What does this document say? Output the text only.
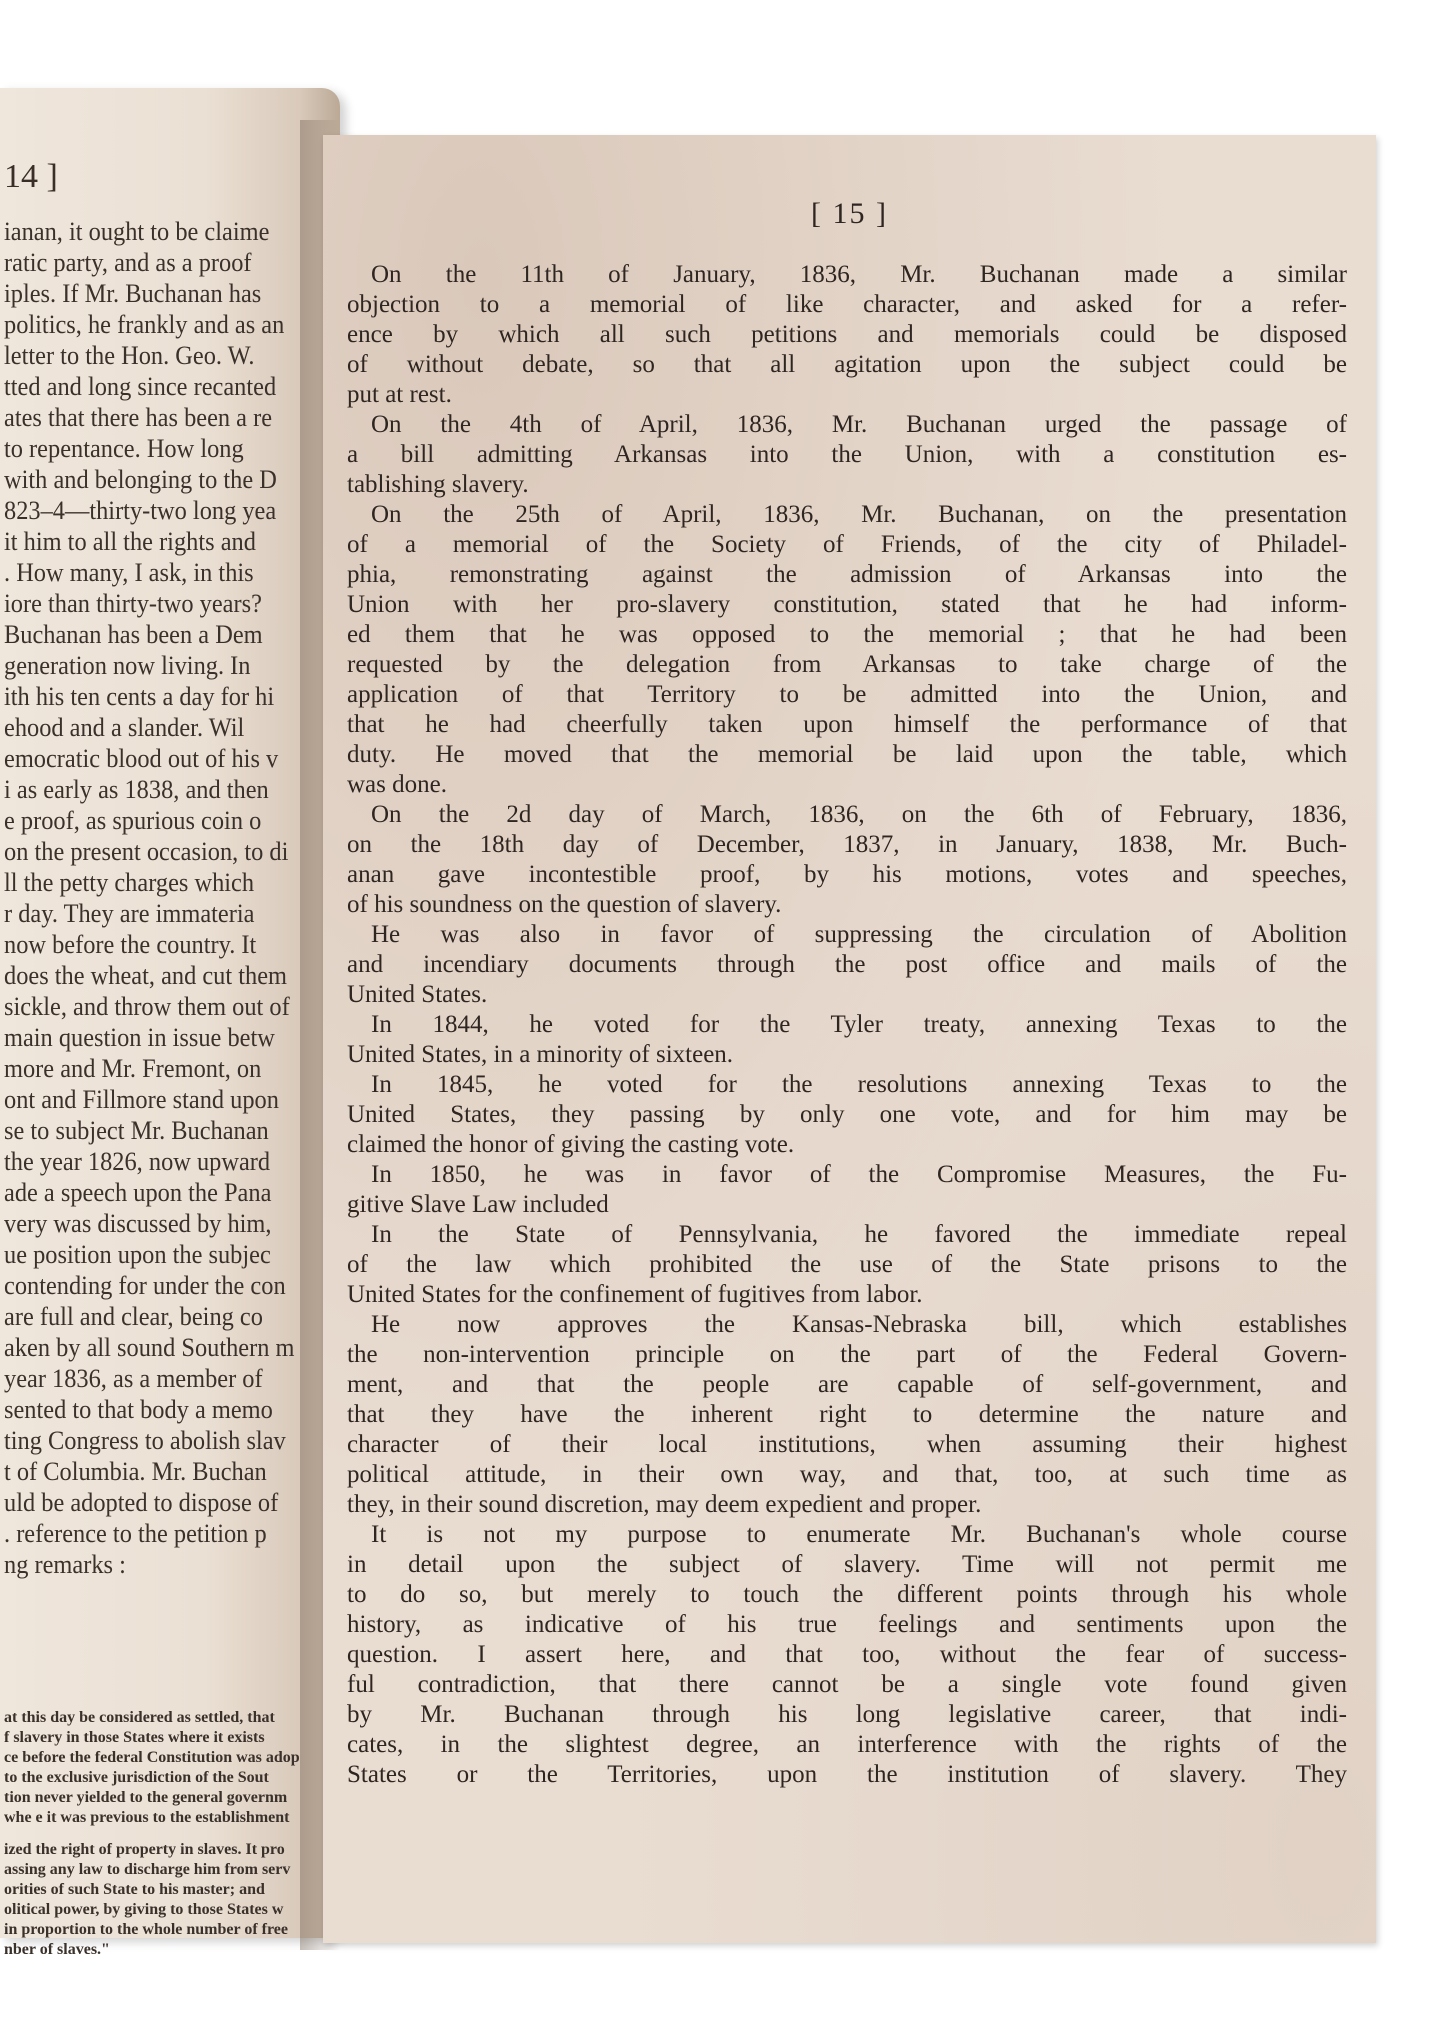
14 ]
ianan, it ought to be claime
ratic party, and as a proof
iples. If Mr. Buchanan has
politics, he frankly and as an
letter to the Hon. Geo. W.
tted and long since recanted
ates that there has been a re
to repentance. How long
with and belonging to the D
823–4—thirty-two long yea
it him to all the rights and
. How many, I ask, in this
iore than thirty-two years?
Buchanan has been a Dem
generation now living. In
ith his ten cents a day for hi
ehood and a slander. Wil
emocratic blood out of his v
i as early as 1838, and then
e proof, as spurious coin o
on the present occasion, to di
ll the petty charges which
r day. They are immateria
now before the country. It
does the wheat, and cut them
sickle, and throw them out of
main question in issue betw
more and Mr. Fremont, on
ont and Fillmore stand upon
se to subject Mr. Buchanan
the year 1826, now upward
ade a speech upon the Pana
very was discussed by him,
ue position upon the subjec
contending for under the con
are full and clear, being co
aken by all sound Southern m
year 1836, as a member of
sented to that body a memo
ting Congress to abolish slav
t of Columbia. Mr. Buchan
uld be adopted to dispose of
. reference to the petition p
ng remarks :
at this day be considered as settled, that
f slavery in those States where it exists
ce before the federal Constitution was adop
to the exclusive jurisdiction of the Sout
tion never yielded to the general governm
whe e it was previous to the establishment
ized the right of property in slaves. It pro
assing any law to discharge him from serv
orities of such State to his master; and
olitical power, by giving to those States w
in proportion to the whole number of free
nber of slaves."
[ 15 ]
On the 11th of January, 1836, Mr. Buchanan made a similar
objection to a memorial of like character, and asked for a refer-
ence by which all such petitions and memorials could be disposed
of without debate, so that all agitation upon the subject could be
put at rest.
On the 4th of April, 1836, Mr. Buchanan urged the passage of
a bill admitting Arkansas into the Union, with a constitution es-
tablishing slavery.
On the 25th of April, 1836, Mr. Buchanan, on the presentation
of a memorial of the Society of Friends, of the city of Philadel-
phia, remonstrating against the admission of Arkansas into the
Union with her pro-slavery constitution, stated that he had inform-
ed them that he was opposed to the memorial ; that he had been
requested by the delegation from Arkansas to take charge of the
application of that Territory to be admitted into the Union, and
that he had cheerfully taken upon himself the performance of that
duty. He moved that the memorial be laid upon the table, which
was done.
On the 2d day of March, 1836, on the 6th of February, 1836,
on the 18th day of December, 1837, in January, 1838, Mr. Buch-
anan gave incontestible proof, by his motions, votes and speeches,
of his soundness on the question of slavery.
He was also in favor of suppressing the circulation of Abolition
and incendiary documents through the post office and mails of the
United States.
In 1844, he voted for the Tyler treaty, annexing Texas to the
United States, in a minority of sixteen.
In 1845, he voted for the resolutions annexing Texas to the
United States, they passing by only one vote, and for him may be
claimed the honor of giving the casting vote.
In 1850, he was in favor of the Compromise Measures, the Fu-
gitive Slave Law included
In the State of Pennsylvania, he favored the immediate repeal
of the law which prohibited the use of the State prisons to the
United States for the confinement of fugitives from labor.
He now approves the Kansas-Nebraska bill, which establishes
the non-intervention principle on the part of the Federal Govern-
ment, and that the people are capable of self-government, and
that they have the inherent right to determine the nature and
character of their local institutions, when assuming their highest
political attitude, in their own way, and that, too, at such time as
they, in their sound discretion, may deem expedient and proper.
It is not my purpose to enumerate Mr. Buchanan's whole course
in detail upon the subject of slavery. Time will not permit me
to do so, but merely to touch the different points through his whole
history, as indicative of his true feelings and sentiments upon the
question. I assert here, and that too, without the fear of success-
ful contradiction, that there cannot be a single vote found given
by Mr. Buchanan through his long legislative career, that indi-
cates, in the slightest degree, an interference with the rights of the
States or the Territories, upon the institution of slavery. They
